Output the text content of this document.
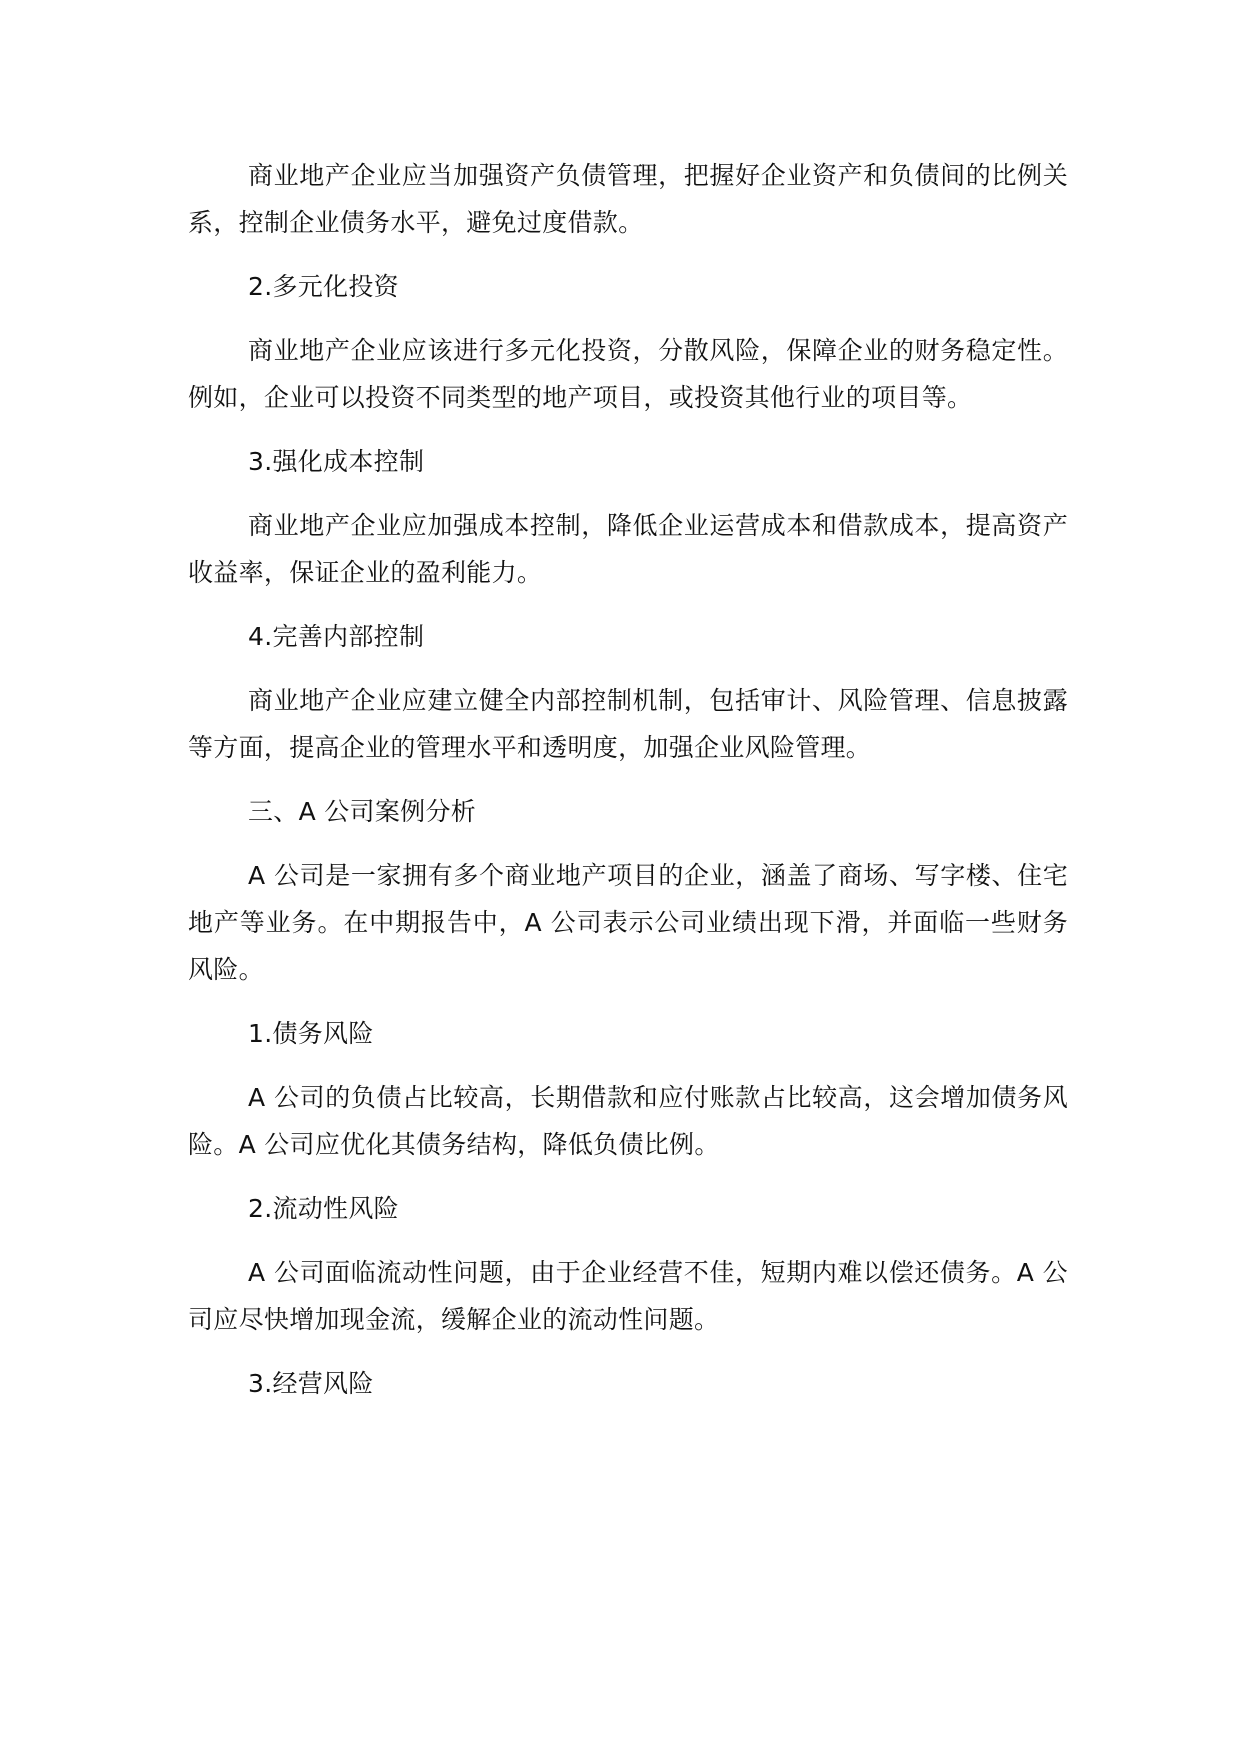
商业地产企业应当加强资产负债管理，把握好企业资产和负债间的比例关系，控制企业债务水平，避免过度借款。

2.多元化投资

商业地产企业应该进行多元化投资，分散风险，保障企业的财务稳定性。例如，企业可以投资不同类型的地产项目，或投资其他行业的项目等。

3.强化成本控制

商业地产企业应加强成本控制，降低企业运营成本和借款成本，提高资产收益率，保证企业的盈利能力。

4.完善内部控制

商业地产企业应建立健全内部控制机制，包括审计、风险管理、信息披露等方面，提高企业的管理水平和透明度，加强企业风险管理。

三、A 公司案例分析

A 公司是一家拥有多个商业地产项目的企业，涵盖了商场、写字楼、住宅地产等业务。在中期报告中，A 公司表示公司业绩出现下滑，并面临一些财务风险。

1.债务风险

A 公司的负债占比较高，长期借款和应付账款占比较高，这会增加债务风险。A 公司应优化其债务结构，降低负债比例。

2.流动性风险

A 公司面临流动性问题，由于企业经营不佳，短期内难以偿还债务。A 公司应尽快增加现金流，缓解企业的流动性问题。

3.经营风险
